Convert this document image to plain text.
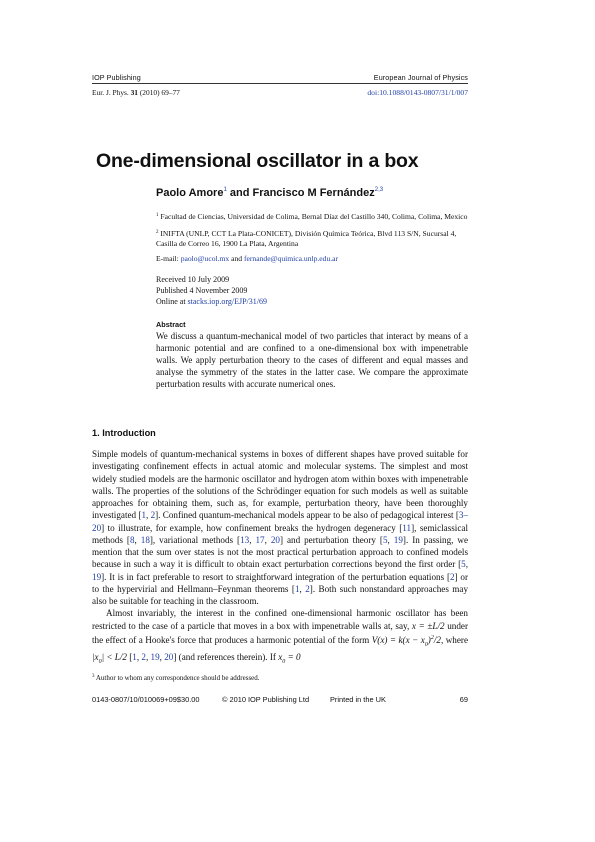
IOP Publishing	European Journal of Physics
Eur. J. Phys. 31 (2010) 69–77	doi:10.1088/0143-0807/31/1/007
One-dimensional oscillator in a box
Paolo Amore$^1$ and Francisco M Fernández$^{2,3}$
$^1$ Facultad de Ciencias, Universidad de Colima, Bernal Díaz del Castillo 340, Colima, Colima, Mexico
$^2$ INIFTA (UNLP, CCT La Plata-CONICET), División Química Teórica, Blvd 113 S/N, Sucursal 4, Casilla de Correo 16, 1900 La Plata, Argentina
E-mail: paolo@ucol.mx and fernande@quimica.unlp.edu.ar
Received 10 July 2009
Published 4 November 2009
Online at stacks.iop.org/EJP/31/69
Abstract
We discuss a quantum-mechanical model of two particles that interact by means of a harmonic potential and are confined to a one-dimensional box with impenetrable walls. We apply perturbation theory to the cases of different and equal masses and analyse the symmetry of the states in the latter case. We compare the approximate perturbation results with accurate numerical ones.
1. Introduction

Simple models of quantum-mechanical systems in boxes of different shapes have proved suitable for investigating confinement effects in actual atomic and molecular systems. The simplest and most widely studied models are the harmonic oscillator and hydrogen atom within boxes with impenetrable walls. The properties of the solutions of the Schrödinger equation for such models as well as suitable approaches for obtaining them, such as, for example, perturbation theory, have been thoroughly investigated [1, 2]. Confined quantum-mechanical models appear to be also of pedagogical interest [3–20] to illustrate, for example, how confinement breaks the hydrogen degeneracy [11], semiclassical methods [8, 18], variational methods [13, 17, 20] and perturbation theory [5, 19]. In passing, we mention that the sum over states is not the most practical perturbation approach to confined models because in such a way it is difficult to obtain exact perturbation corrections beyond the first order [5, 19]. It is in fact preferable to resort to straightforward integration of the perturbation equations [2] or to the hypervirial and Hellmann–Feynman theorems [1, 2]. Both such nonstandard approaches may also be suitable for teaching in the classroom.

Almost invariably, the interest in the confined one-dimensional harmonic oscillator has been restricted to the case of a particle that moves in a box with impenetrable walls at, say, x = ±L/2 under the effect of a Hooke's force that produces a harmonic potential of the form $V(x) = k(x - x_0)^2/2$, where $|x_0| < L/2$ [1, 2, 19, 20] (and references therein). If $x_0 = 0$

$^3$ Author to whom any correspondence should be addressed.
0143-0807/10/010069+09$30.00	© 2010 IOP Publishing Ltd	Printed in the UK	69
